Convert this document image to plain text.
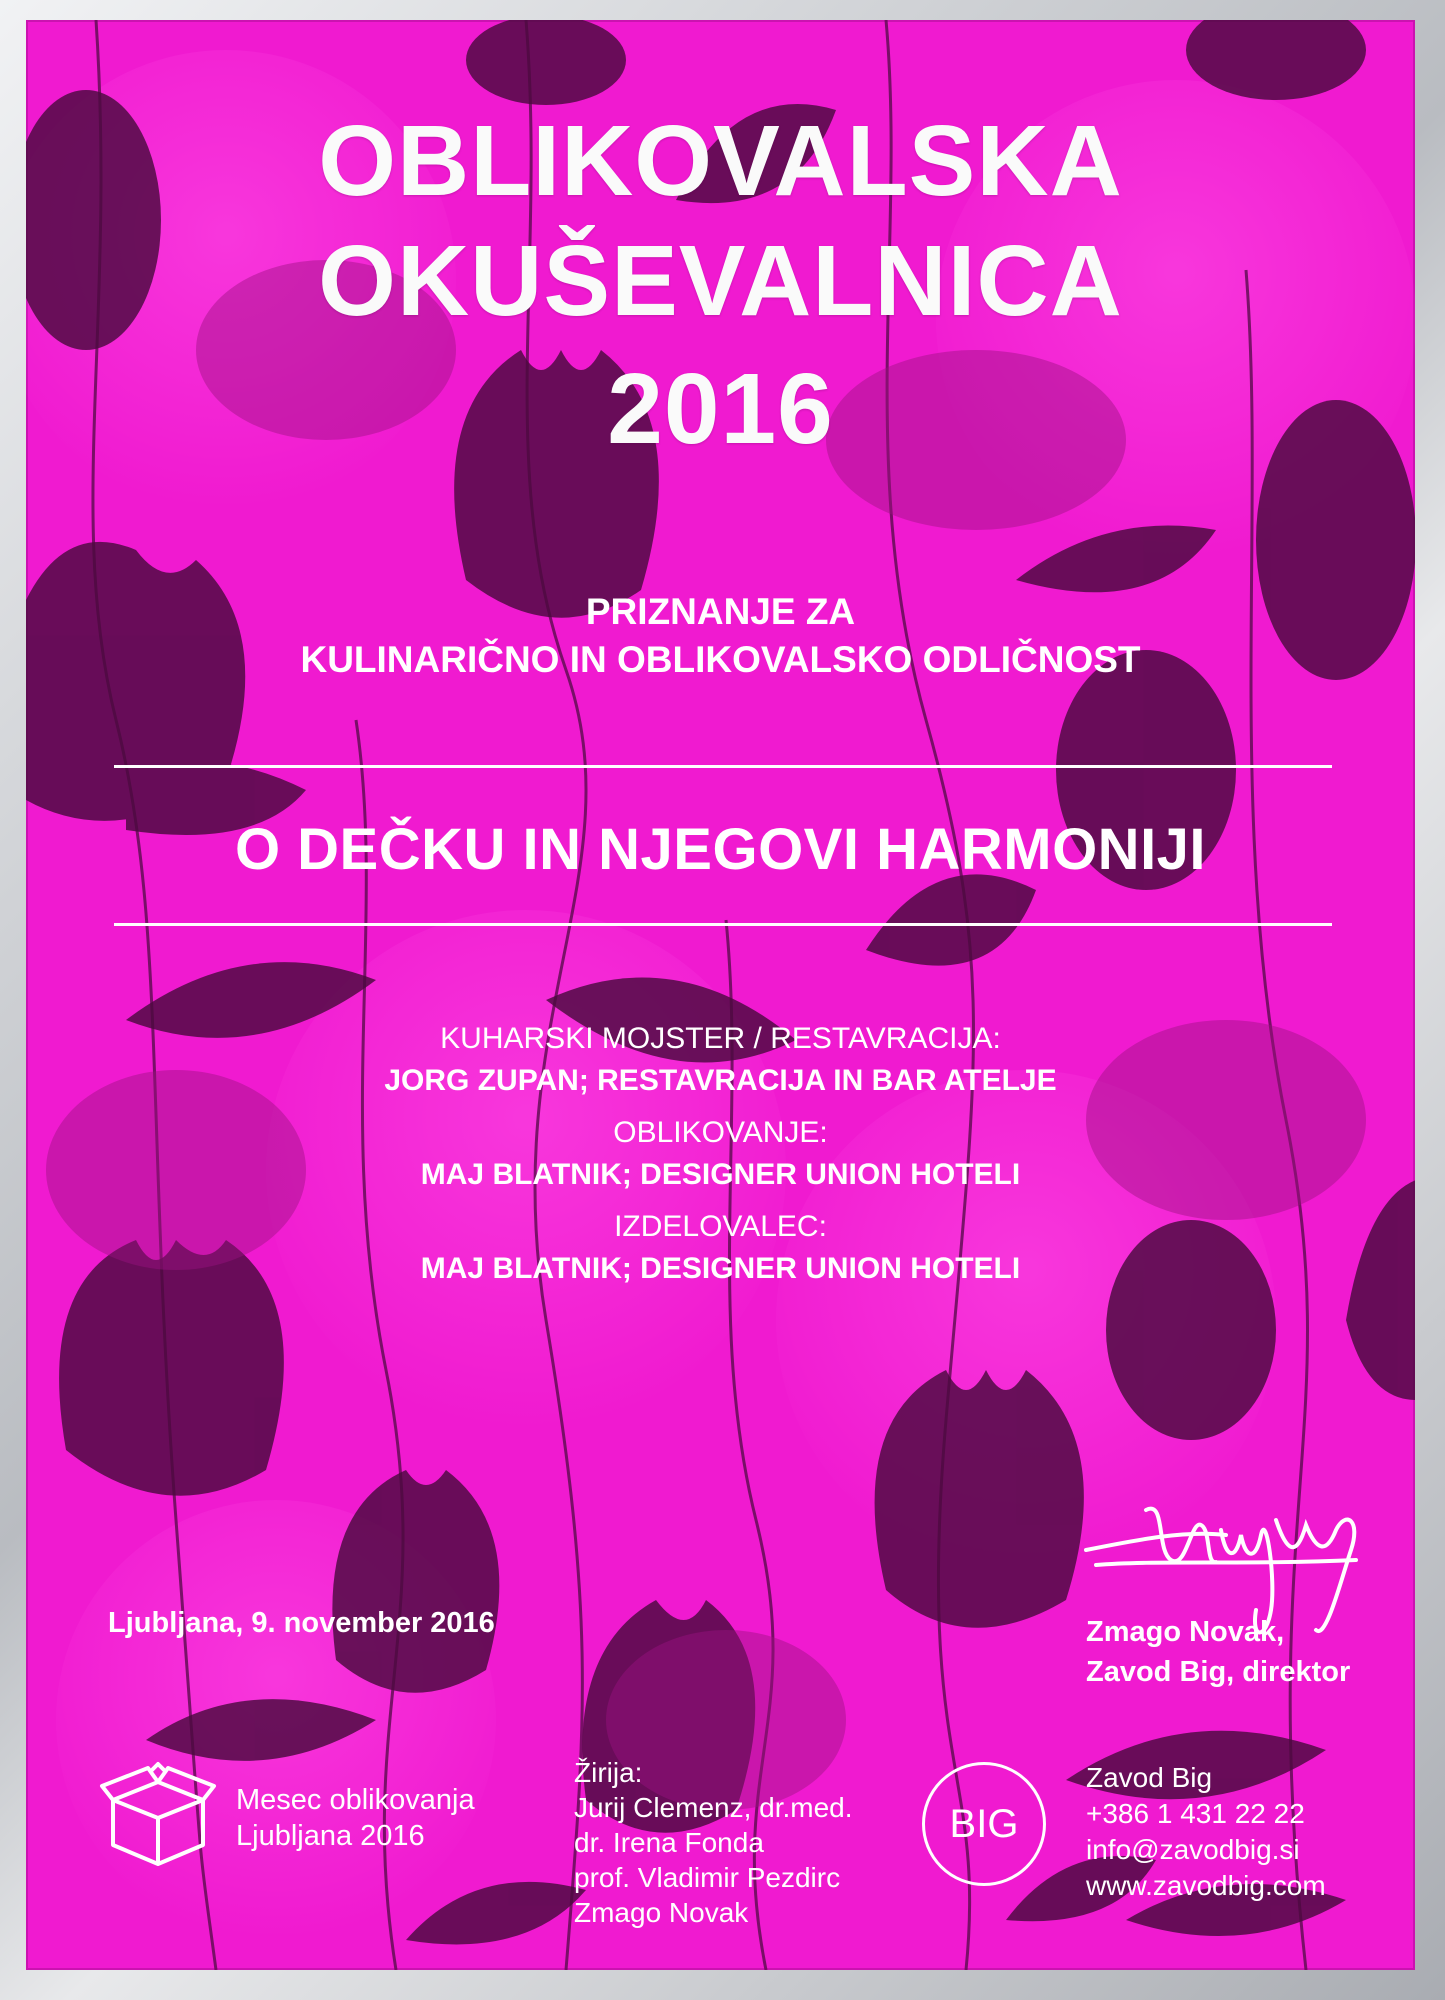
OBLIKOVALSKA
OKUŠEVALNICA
2016
PRIZNANJE ZA
KULINARIČNO IN OBLIKOVALSKO ODLIČNOST
O DEČKU IN NJEGOVI HARMONIJI
KUHARSKI MOJSTER / RESTAVRACIJA:
JORG ZUPAN; RESTAVRACIJA IN BAR ATELJE
OBLIKOVANJE:
MAJ BLATNIK; DESIGNER UNION HOTELI
IZDELOVALEC:
MAJ BLATNIK; DESIGNER UNION HOTELI
Ljubljana, 9. november 2016	Zmago Novak,
Zavod Big, direktor
Mesec oblikovanja
Ljubljana 2016
Žirija:
Jurij Clemenz, dr.med.
dr. Irena Fonda
prof. Vladimir Pezdirc
Zmago Novak
BIG
Zavod Big
+386 1 431 22 22
info@zavodbig.si
www.zavodbig.com
